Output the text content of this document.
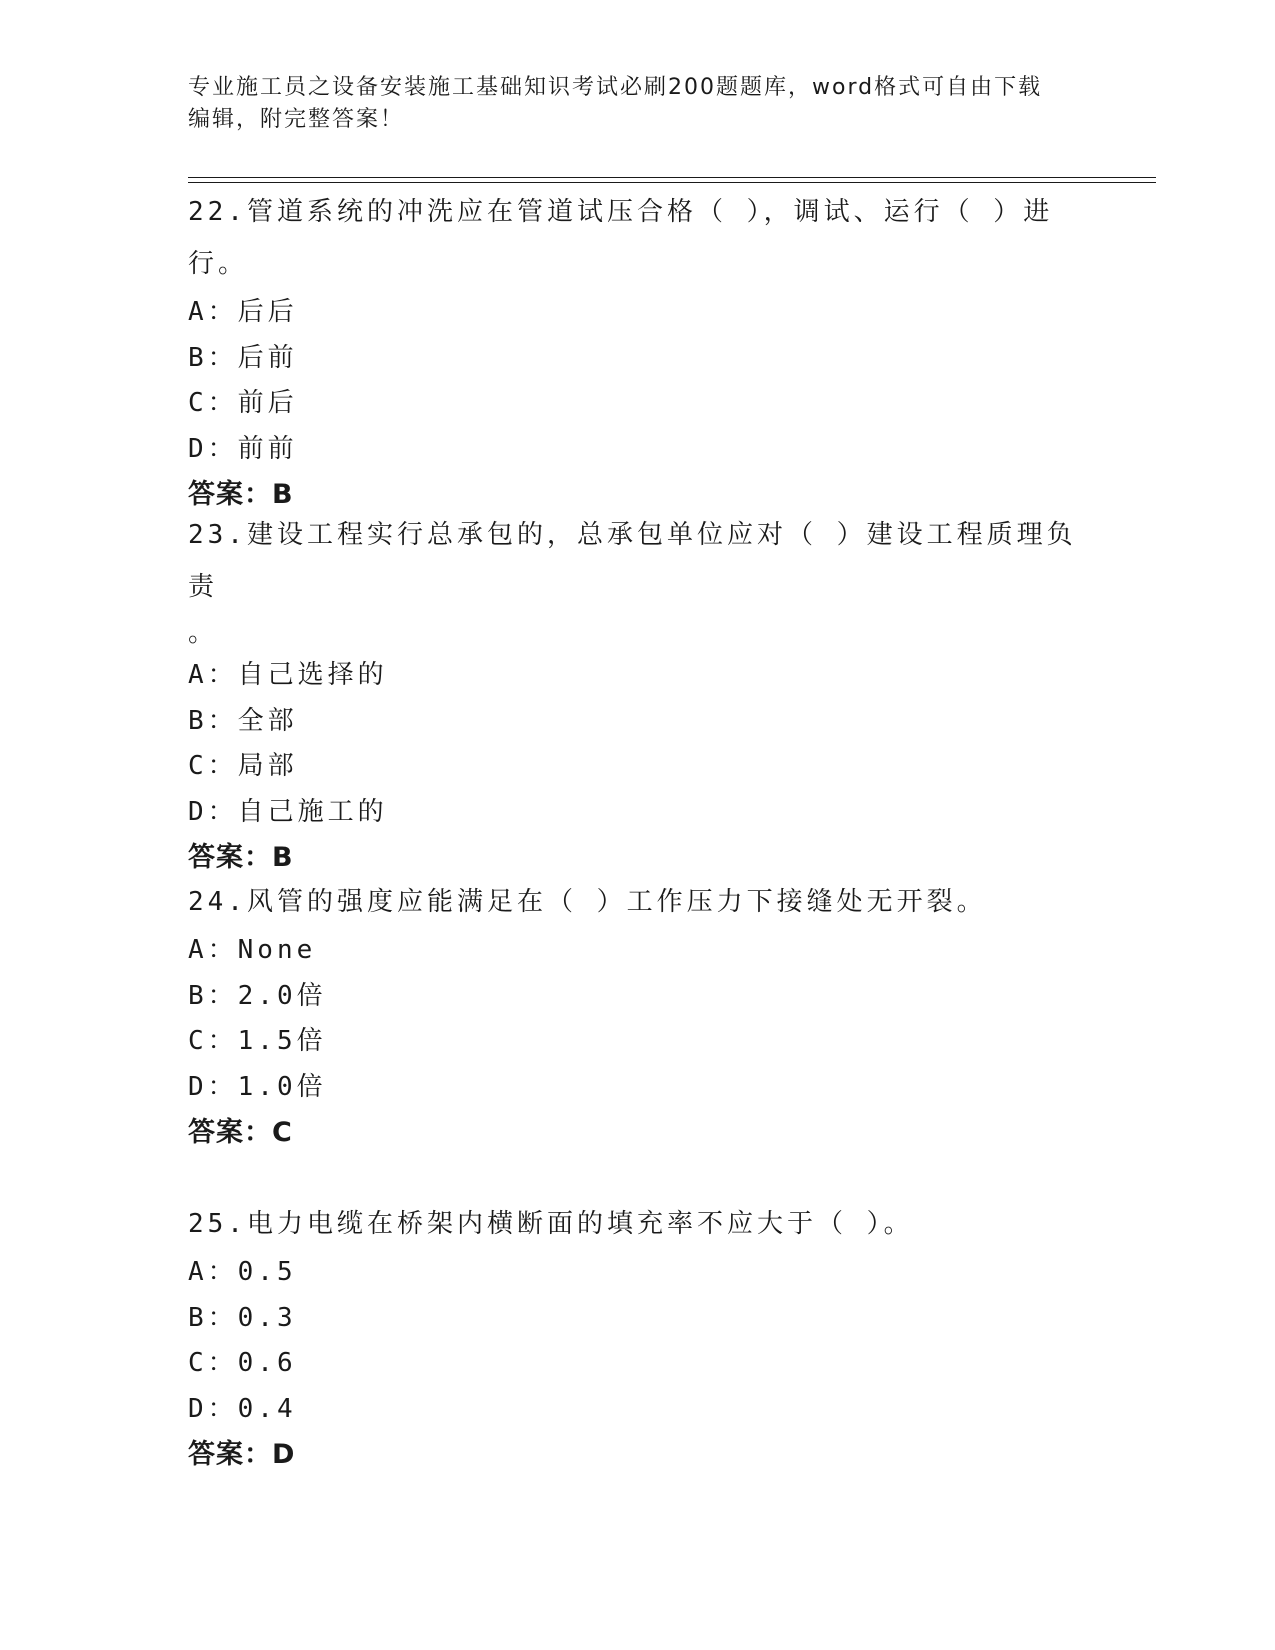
专业施工员之设备安装施工基础知识考试必刷200题题库，word格式可自由下载
编辑，附完整答案！
22.管道系统的冲洗应在管道试压合格（ ），调试、运行（ ）进行。
A：后后
B：后前
C：前后
D：前前
答案：B
23.建设工程实行总承包的，总承包单位应对（ ）建设工程质理负责
。
A：自己选择的
B：全部
C：局部
D：自己施工的
答案：B
24.风管的强度应能满足在（ ）工作压力下接缝处无开裂。
A：None
B：2.0倍
C：1.5倍
D：1.0倍
答案：C
25.电力电缆在桥架内横断面的填充率不应大于（ ）。
A：0.5
B：0.3
C：0.6
D：0.4
答案：D
